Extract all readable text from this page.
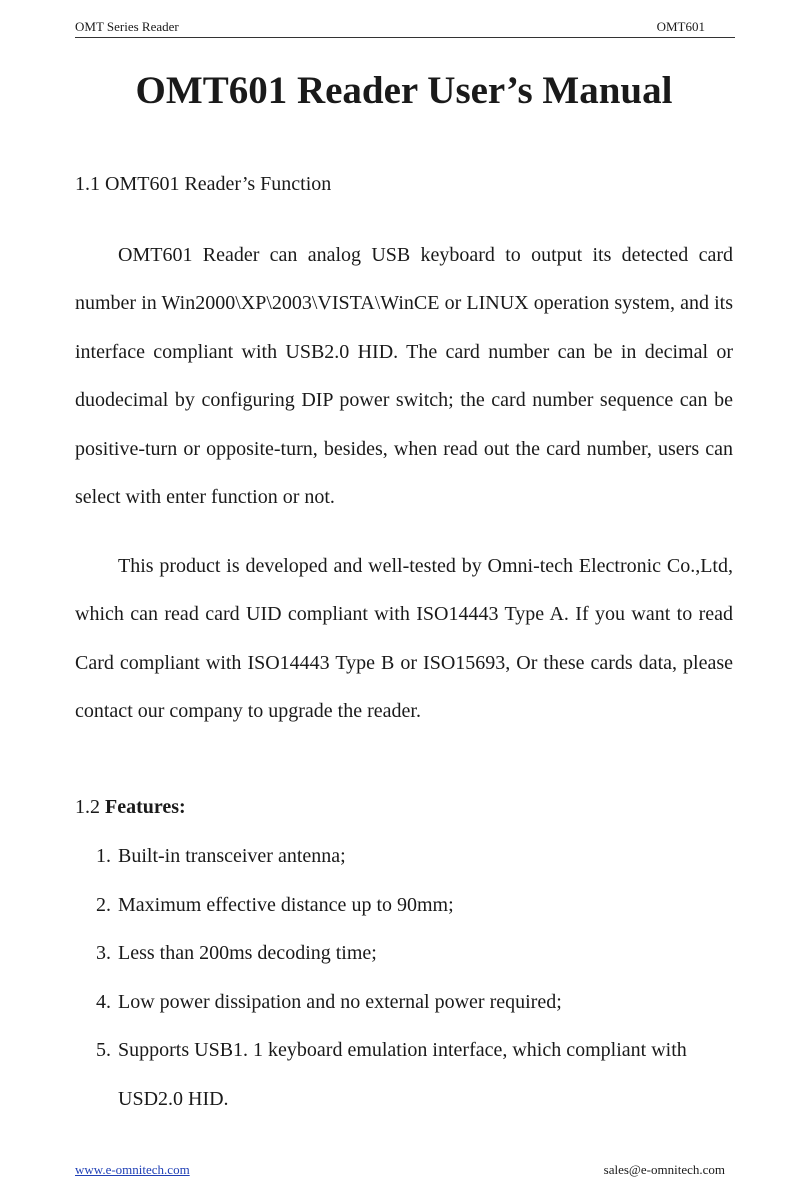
OMT Series Reader	OMT601
OMT601 Reader User’s Manual
1.1 OMT601 Reader’s Function

OMT601 Reader can analog USB keyboard to output its detected card number in Win2000\XP\2003\VISTA\WinCE or LINUX operation system, and its interface compliant with USB2.0 HID. The card number can be in decimal or duodecimal by configuring DIP power switch; the card number sequence can be positive-turn or opposite-turn, besides, when read out the card number, users can select with enter function or not.

This product is developed and well-tested by Omni-tech Electronic Co.,Ltd, which can read card UID compliant with ISO14443 Type A. If you want to read Card compliant with ISO14443 Type B or ISO15693, Or these cards data, please contact our company to upgrade the reader.

1.2 Features:
1. Built-in transceiver antenna;
2. Maximum effective distance up to 90mm;
3. Less than 200ms decoding time;
4. Low power dissipation and no external power required;
5. Supports USB1. 1 keyboard emulation interface, which compliant with USD2.0 HID.
www.e-omnitech.com	sales@e-omnitech.com
